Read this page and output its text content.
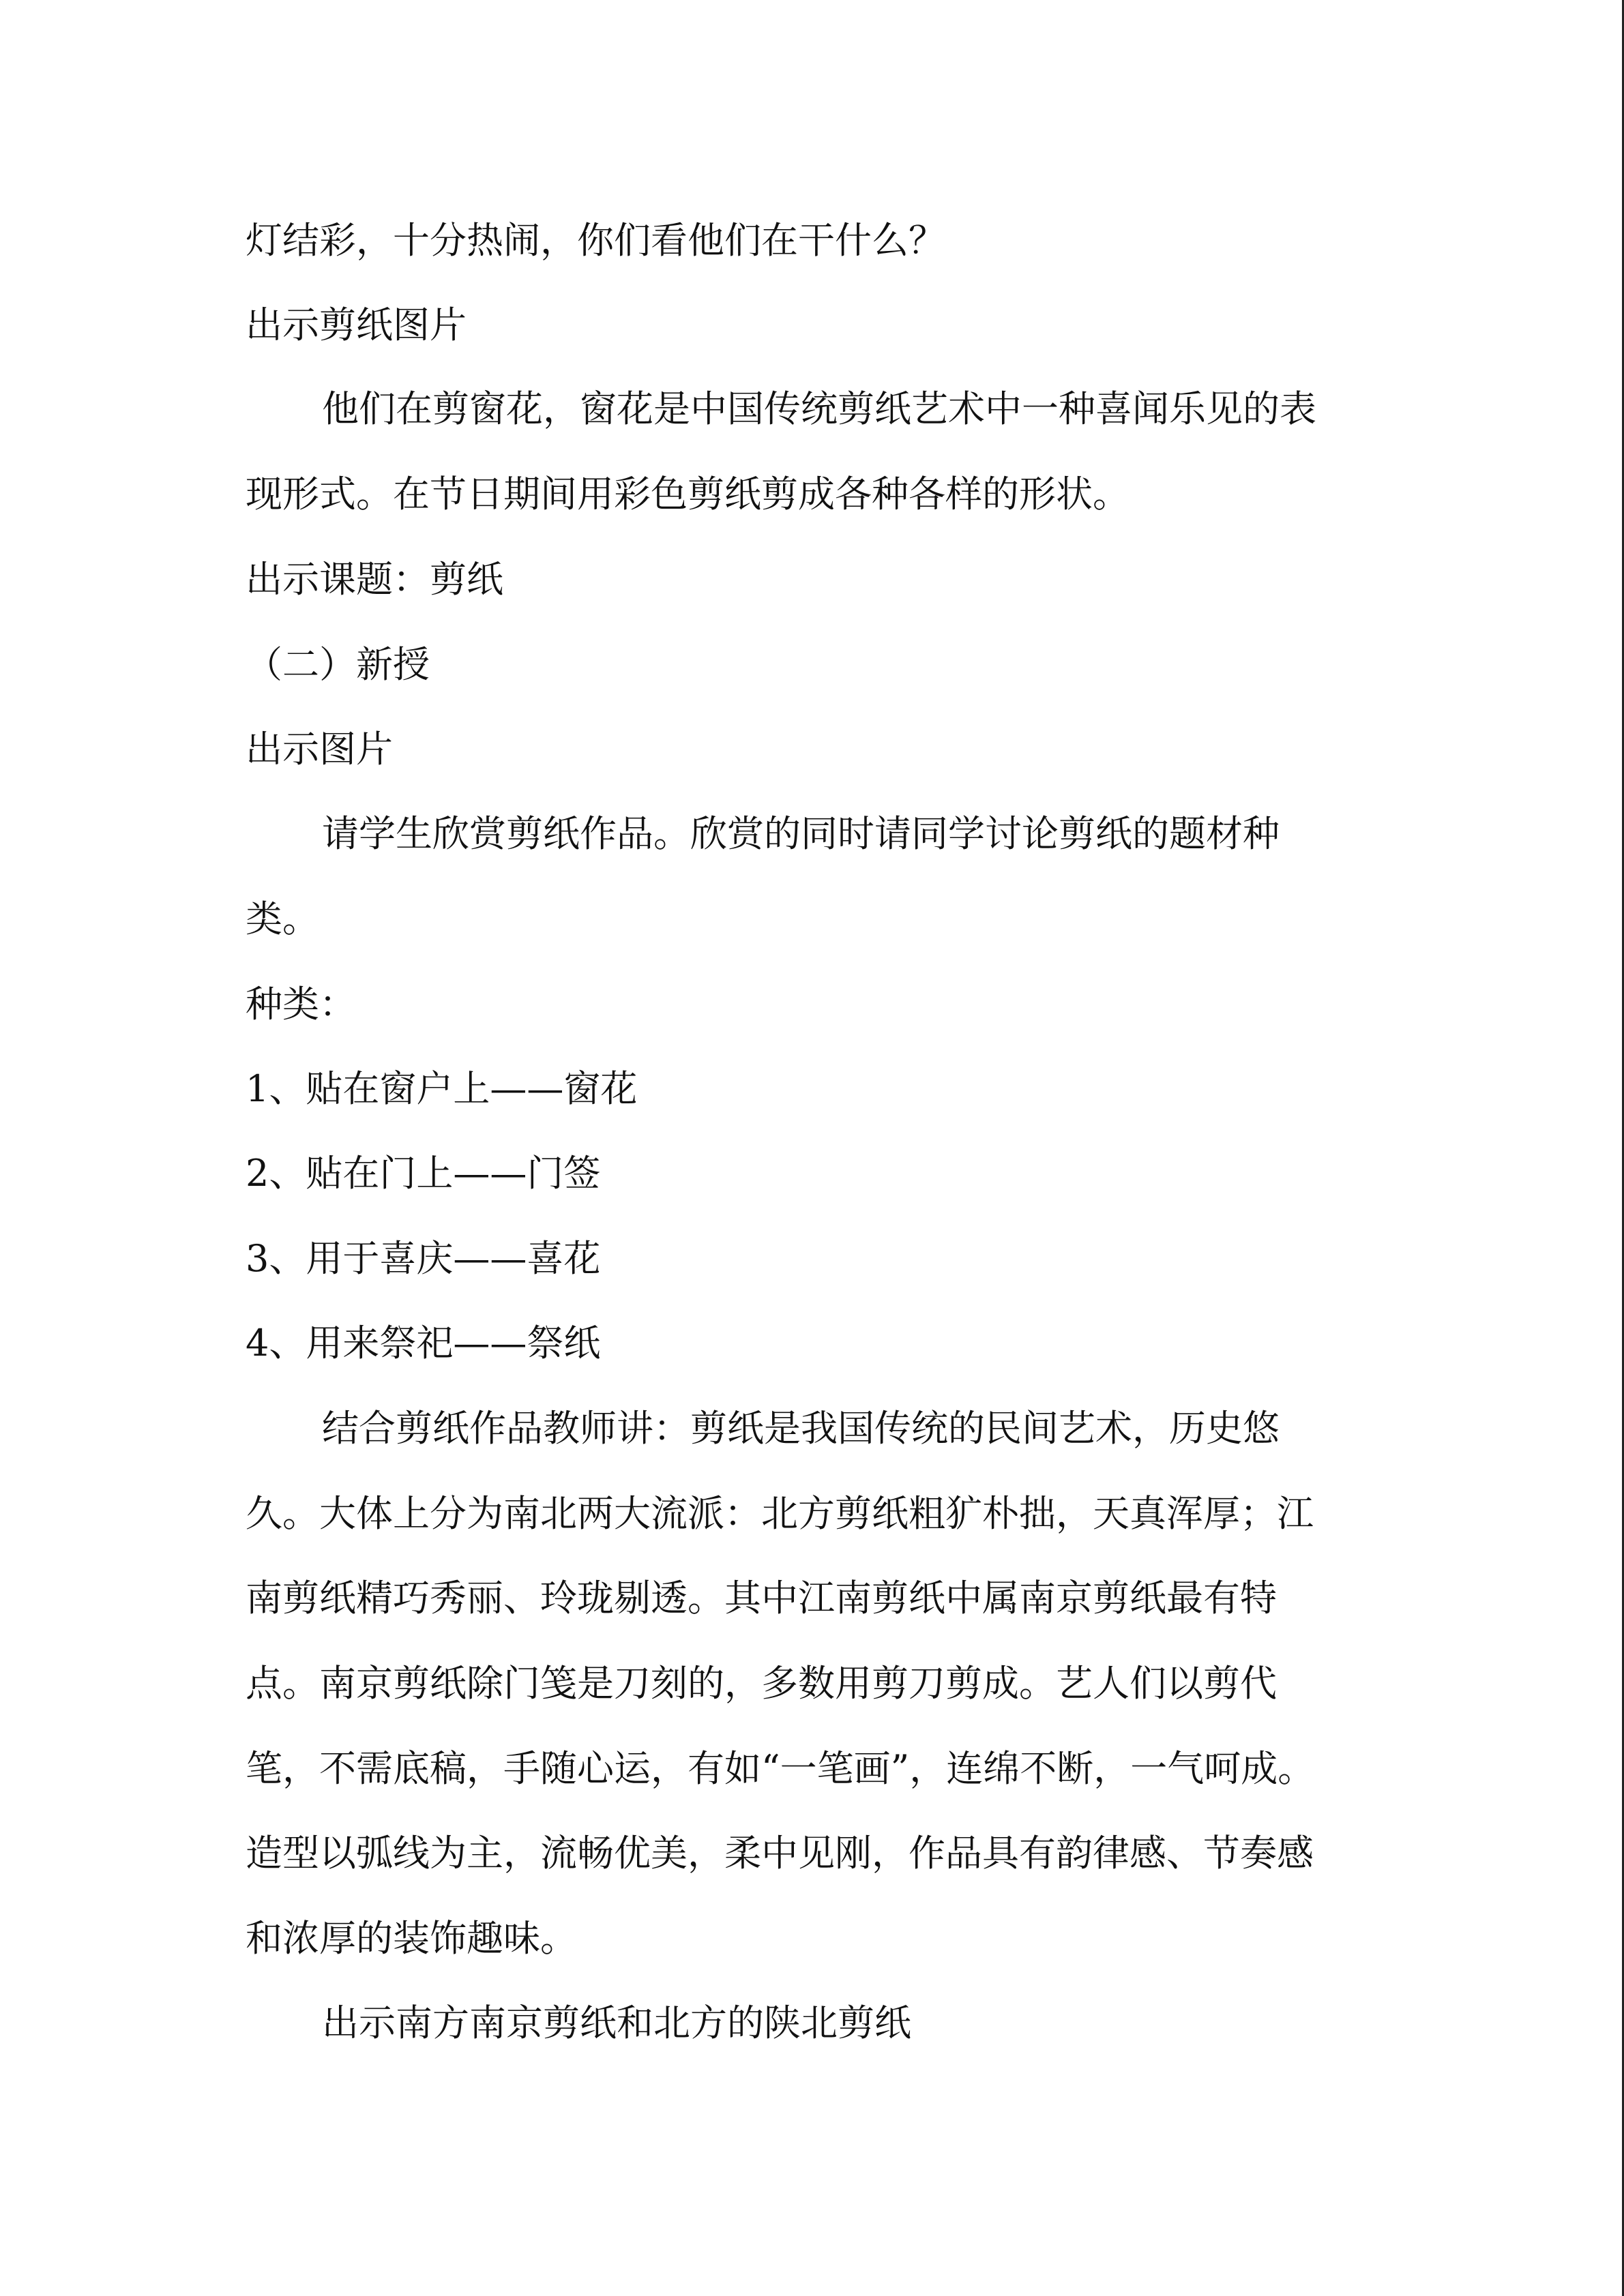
灯结彩，十分热闹，你们看他们在干什么？
出示剪纸图片
他们在剪窗花，窗花是中国传统剪纸艺术中一种喜闻乐见的表
现形式。在节日期间用彩色剪纸剪成各种各样的形状。
出示课题：剪纸
（二）新授
出示图片
请学生欣赏剪纸作品。欣赏的同时请同学讨论剪纸的题材种
类。
种类：
1、贴在窗户上——窗花
2、贴在门上——门签
3、用于喜庆——喜花
4、用来祭祀——祭纸
结合剪纸作品教师讲：剪纸是我国传统的民间艺术，历史悠
久。大体上分为南北两大流派：北方剪纸粗犷朴拙，天真浑厚；江
南剪纸精巧秀丽、玲珑剔透。其中江南剪纸中属南京剪纸最有特
点。南京剪纸除门笺是刀刻的，多数用剪刀剪成。艺人们以剪代
笔，不需底稿，手随心运，有如“一笔画”，连绵不断，一气呵成。
造型以弧线为主，流畅优美，柔中见刚，作品具有韵律感、节奏感
和浓厚的装饰趣味。
出示南方南京剪纸和北方的陕北剪纸
